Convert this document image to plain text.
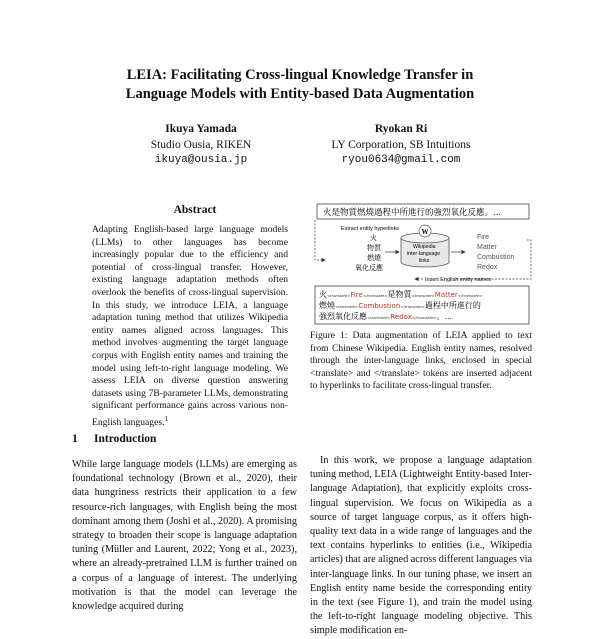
LEIA: Facilitating Cross-lingual Knowledge Transfer in
Language Models with Entity-based Data Augmentation
Ikuya Yamada
Studio Ousia, RIKEN
ikuya@ousia.jp
Ryokan Ri
LY Corporation, SB Intuitions
ryou0634@gmail.com
Abstract

Adapting English-based large language models (LLMs) to other languages has become increasingly popular due to the efficiency and potential of cross-lingual transfer. However, existing language adaptation methods often overlook the benefits of cross-lingual supervision. In this study, we introduce LEIA, a language adaptation tuning method that utilizes Wikipedia entity names aligned across languages. This method involves augmenting the target language corpus with English entity names and training the model using left-to-right language modeling. We assess LEIA on diverse question answering datasets using 7B-parameter LLMs, demonstrating significant performance gains across various non-English languages.$^1$

1 Introduction

While large language models (LLMs) are emerging as foundational technology (Brown et al., 2020), their data hungriness restricts their application to a few resource-rich languages, with English being the most dominant among them (Joshi et al., 2020). A promising strategy to broaden their scope is language adaptation tuning (Müller and Laurent, 2022; Yong et al., 2023), where an already-pretrained LLM is further trained on a corpus of a language of interest. The underlying motivation is that the model can leverage the knowledge acquired during

火是物質燃燒過程中所進行的強烈氧化反應。...
Extract entity hyperlinks
火
物質
燃燒
氧化反應
W
Wikipedia
inter-language
links
Fire
Matter
Combustion
Redox
Insert English entity names
火<translate>Fire</translate>是物質<translate>Matter</translate>
燃燒<translate>Combustion</translate>過程中所進行的
強烈氧化反應<translate>Redox</translate>。...
Figure 1: Data augmentation of LEIA applied to text from Chinese Wikipedia. English entity names, resolved through the inter-language links, enclosed in special <translate> and </translate> tokens are inserted adjacent to hyperlinks to facilitate cross-lingual transfer.

In this work, we propose a language adaptation tuning method, LEIA (Lightweight Entity-based Inter-language Adaptation), that explicitly exploits cross-lingual supervision. We focus on Wikipedia as a source of target language corpus, as it offers high-quality text data in a wide range of languages and the text contains hyperlinks to entities (i.e., Wikipedia articles) that are aligned across different languages via inter-language links. In our tuning phase, we insert an English entity name beside the corresponding entity in the text (see Figure 1), and train the model using the left-to-right language modeling objective. This simple modification en-
